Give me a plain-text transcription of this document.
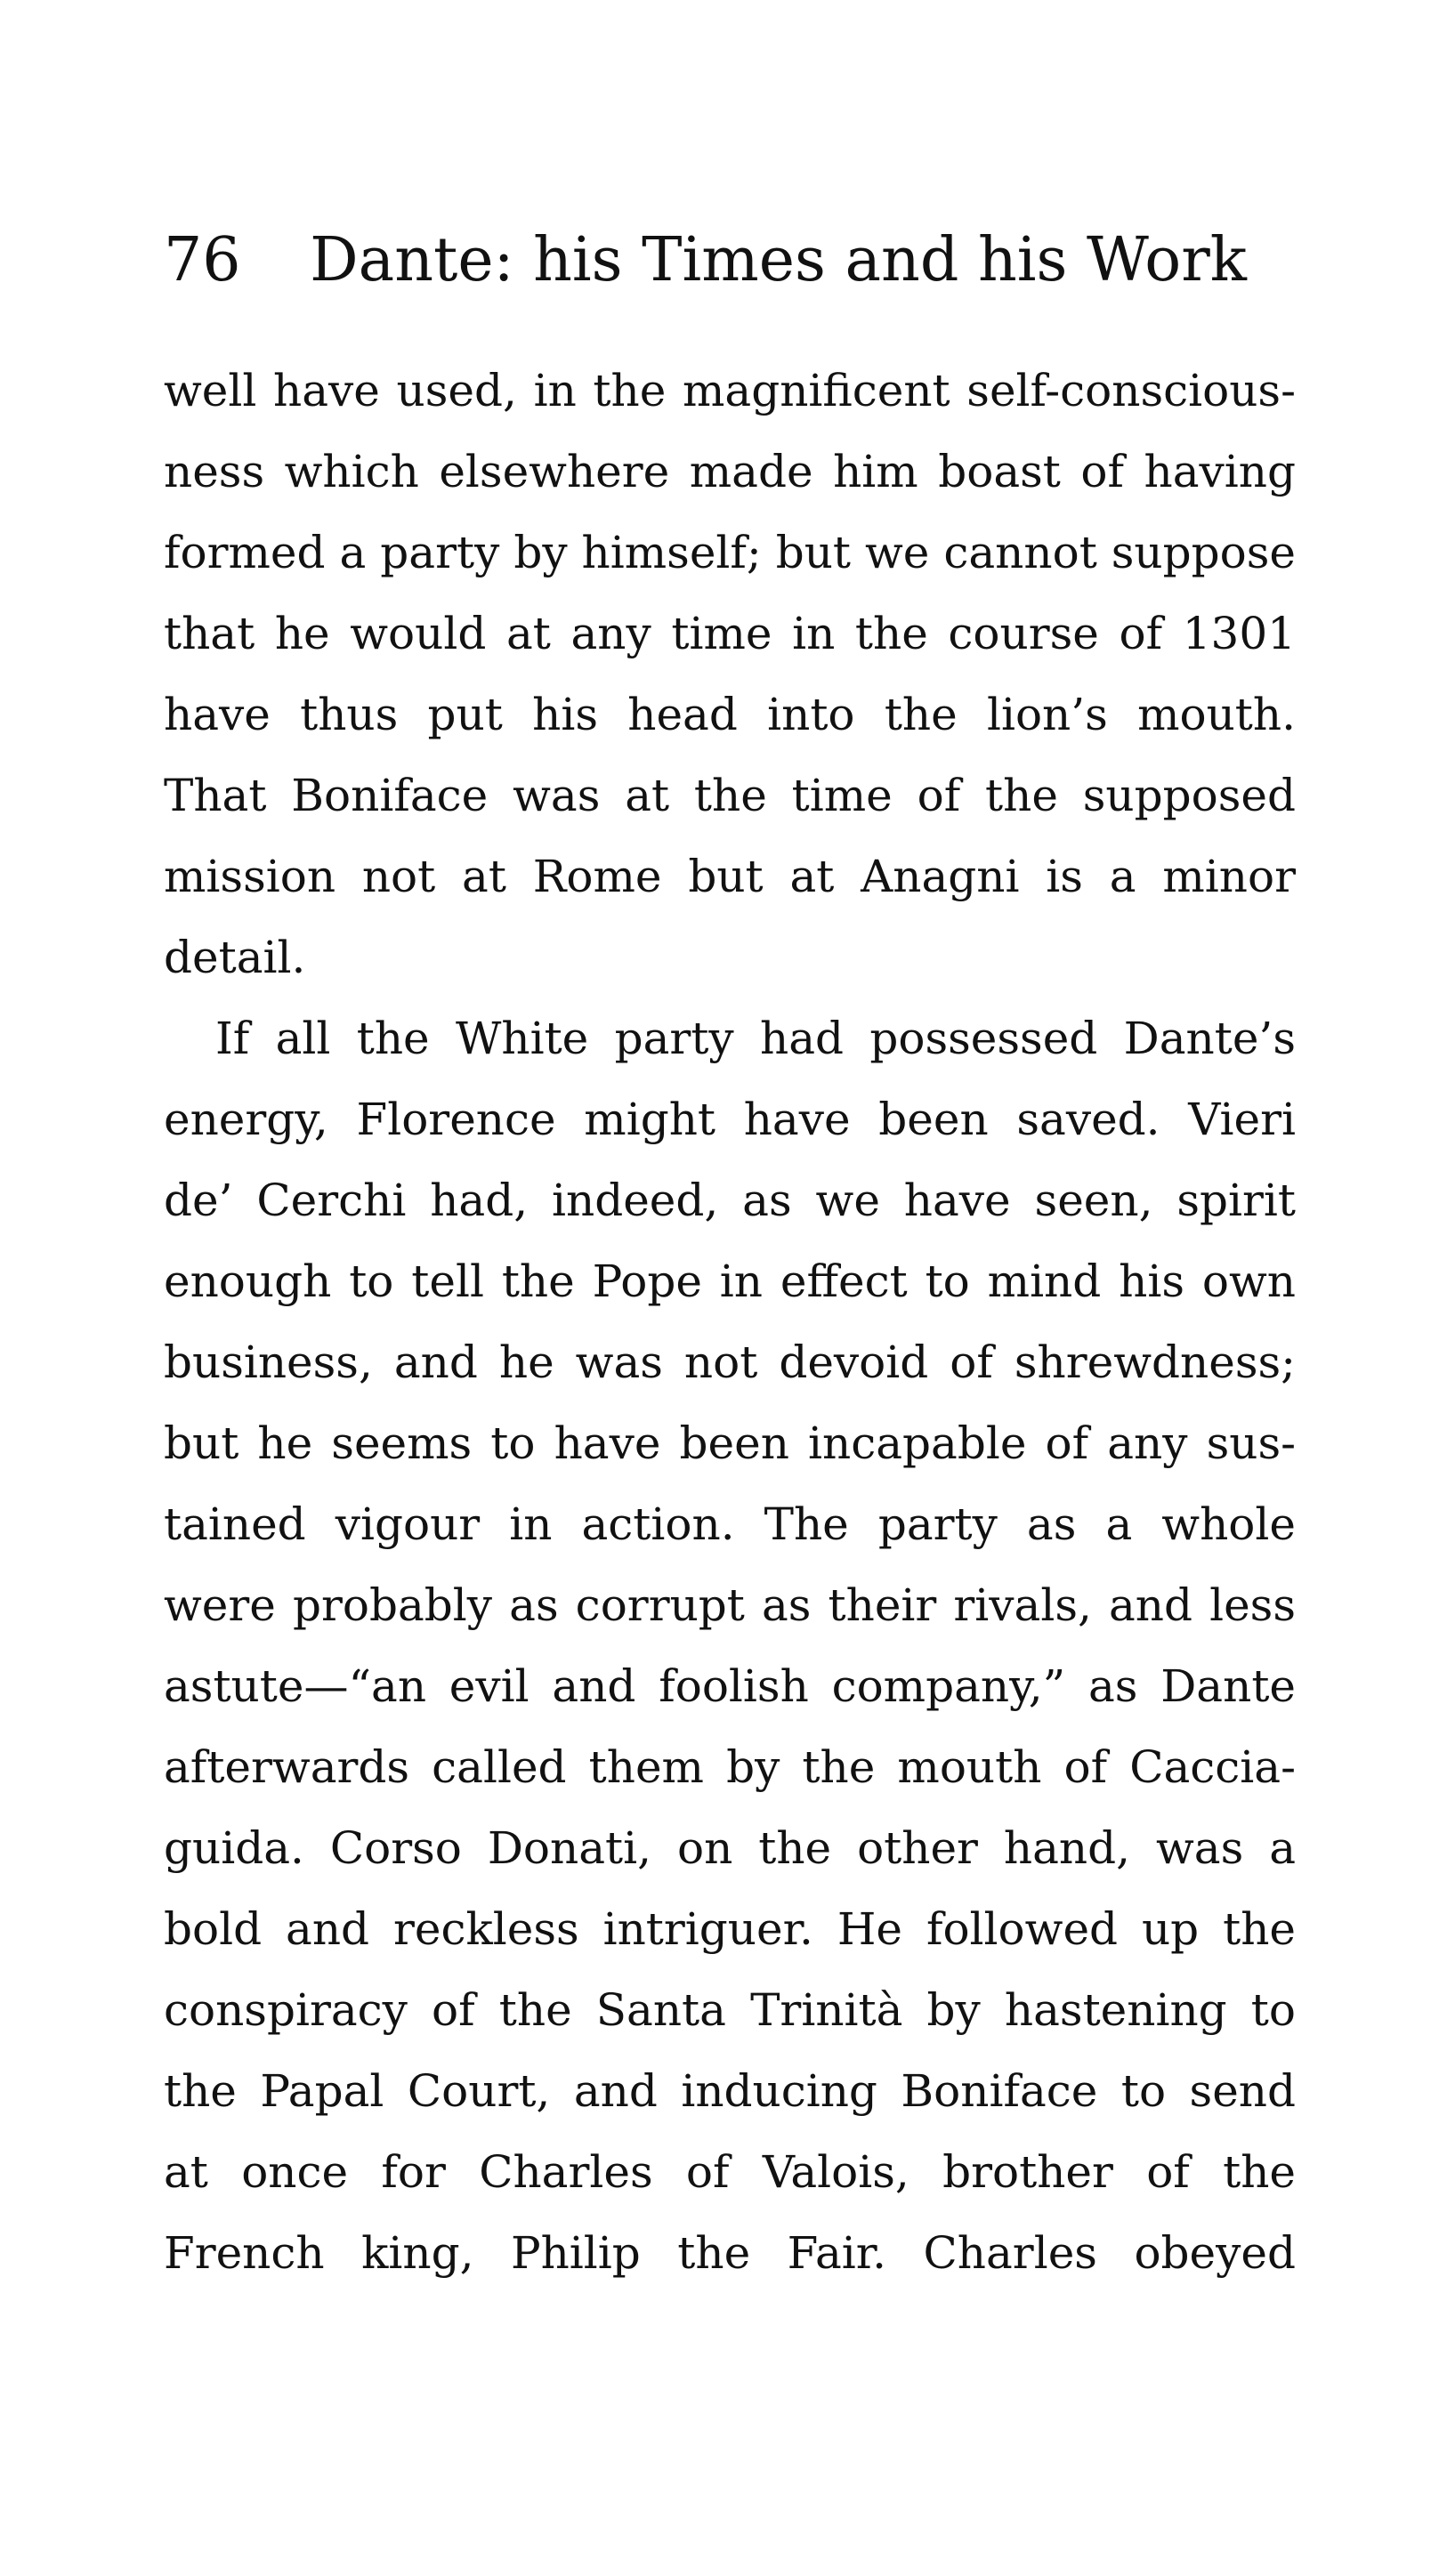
76 Dante: his Times and his Work

well have used, in the magnificent self-conscious-
ness which elsewhere made him boast of having
formed a party by himself; but we cannot suppose
that he would at any time in the course of 1301
have thus put his head into the lion’s mouth.
That Boniface was at the time of the supposed
mission not at Rome but at Anagni is a minor
detail.

If all the White party had possessed Dante’s
energy, Florence might have been saved. Vieri
de’ Cerchi had, indeed, as we have seen, spirit
enough to tell the Pope in effect to mind his own
business, and he was not devoid of shrewdness;
but he seems to have been incapable of any sus-
tained vigour in action. The party as a whole
were probably as corrupt as their rivals, and less
astute—“an evil and foolish company,” as Dante
afterwards called them by the mouth of Caccia-
guida. Corso Donati, on the other hand, was a
bold and reckless intriguer. He followed up the
conspiracy of the Santa Trinità by hastening to
the Papal Court, and inducing Boniface to send
at once for Charles of Valois, brother of the
French king, Philip the Fair. Charles obeyed
